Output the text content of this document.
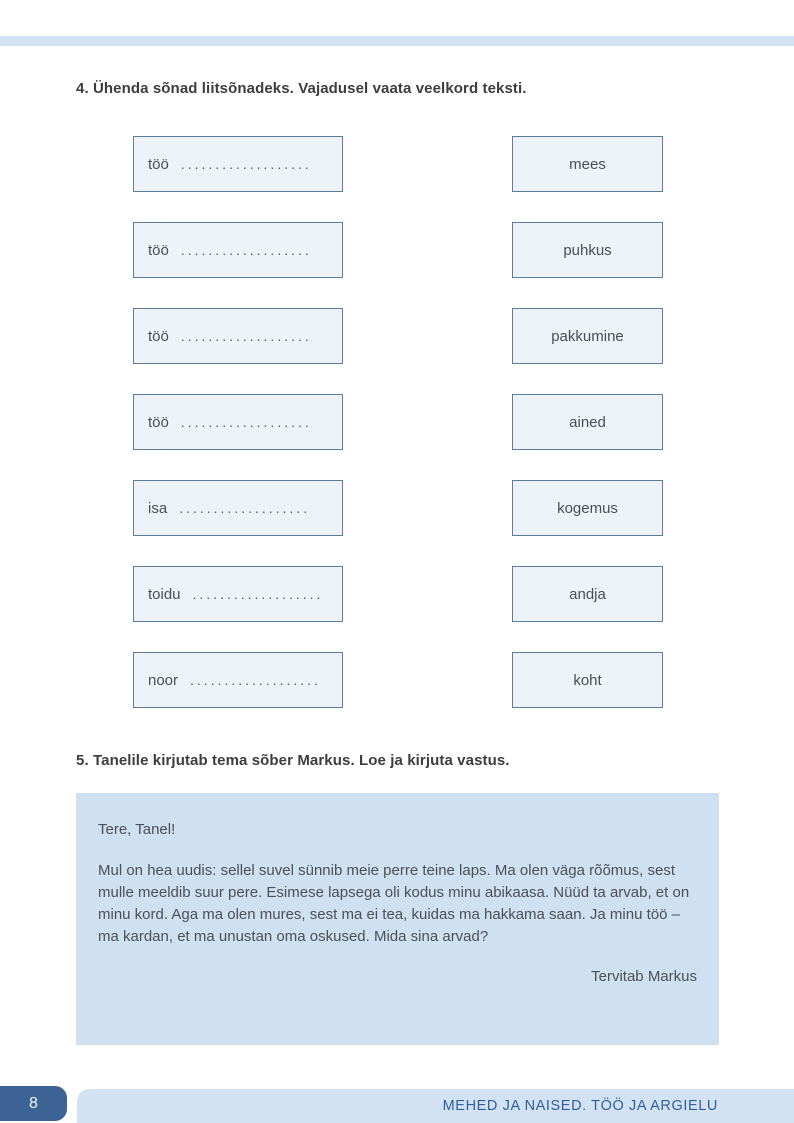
4. Ühenda sõnad liitsõnadeks. Vajadusel vaata veelkord teksti.
töö ...................	mees
töö ...................	puhkus
töö ...................	pakkumine
töö ...................	ained
isa ...................	kogemus
toidu ...................	andja
noor ...................	koht
5. Tanelile kirjutab tema sõber Markus. Loe ja kirjuta vastus.

Tere, Tanel!

Mul on hea uudis: sellel suvel sünnib meie perre teine laps. Ma olen väga rõõmus, sest mulle meeldib suur pere. Esimese lapsega oli kodus minu abikaasa. Nüüd ta arvab, et on minu kord. Aga ma olen mures, sest ma ei tea, kuidas ma hakkama saan. Ja minu töö – ma kardan, et ma unustan oma oskused. Mida sina arvad?

Tervitab Markus

8	MEHED JA NAISED. TÖÖ JA ARGIELU
